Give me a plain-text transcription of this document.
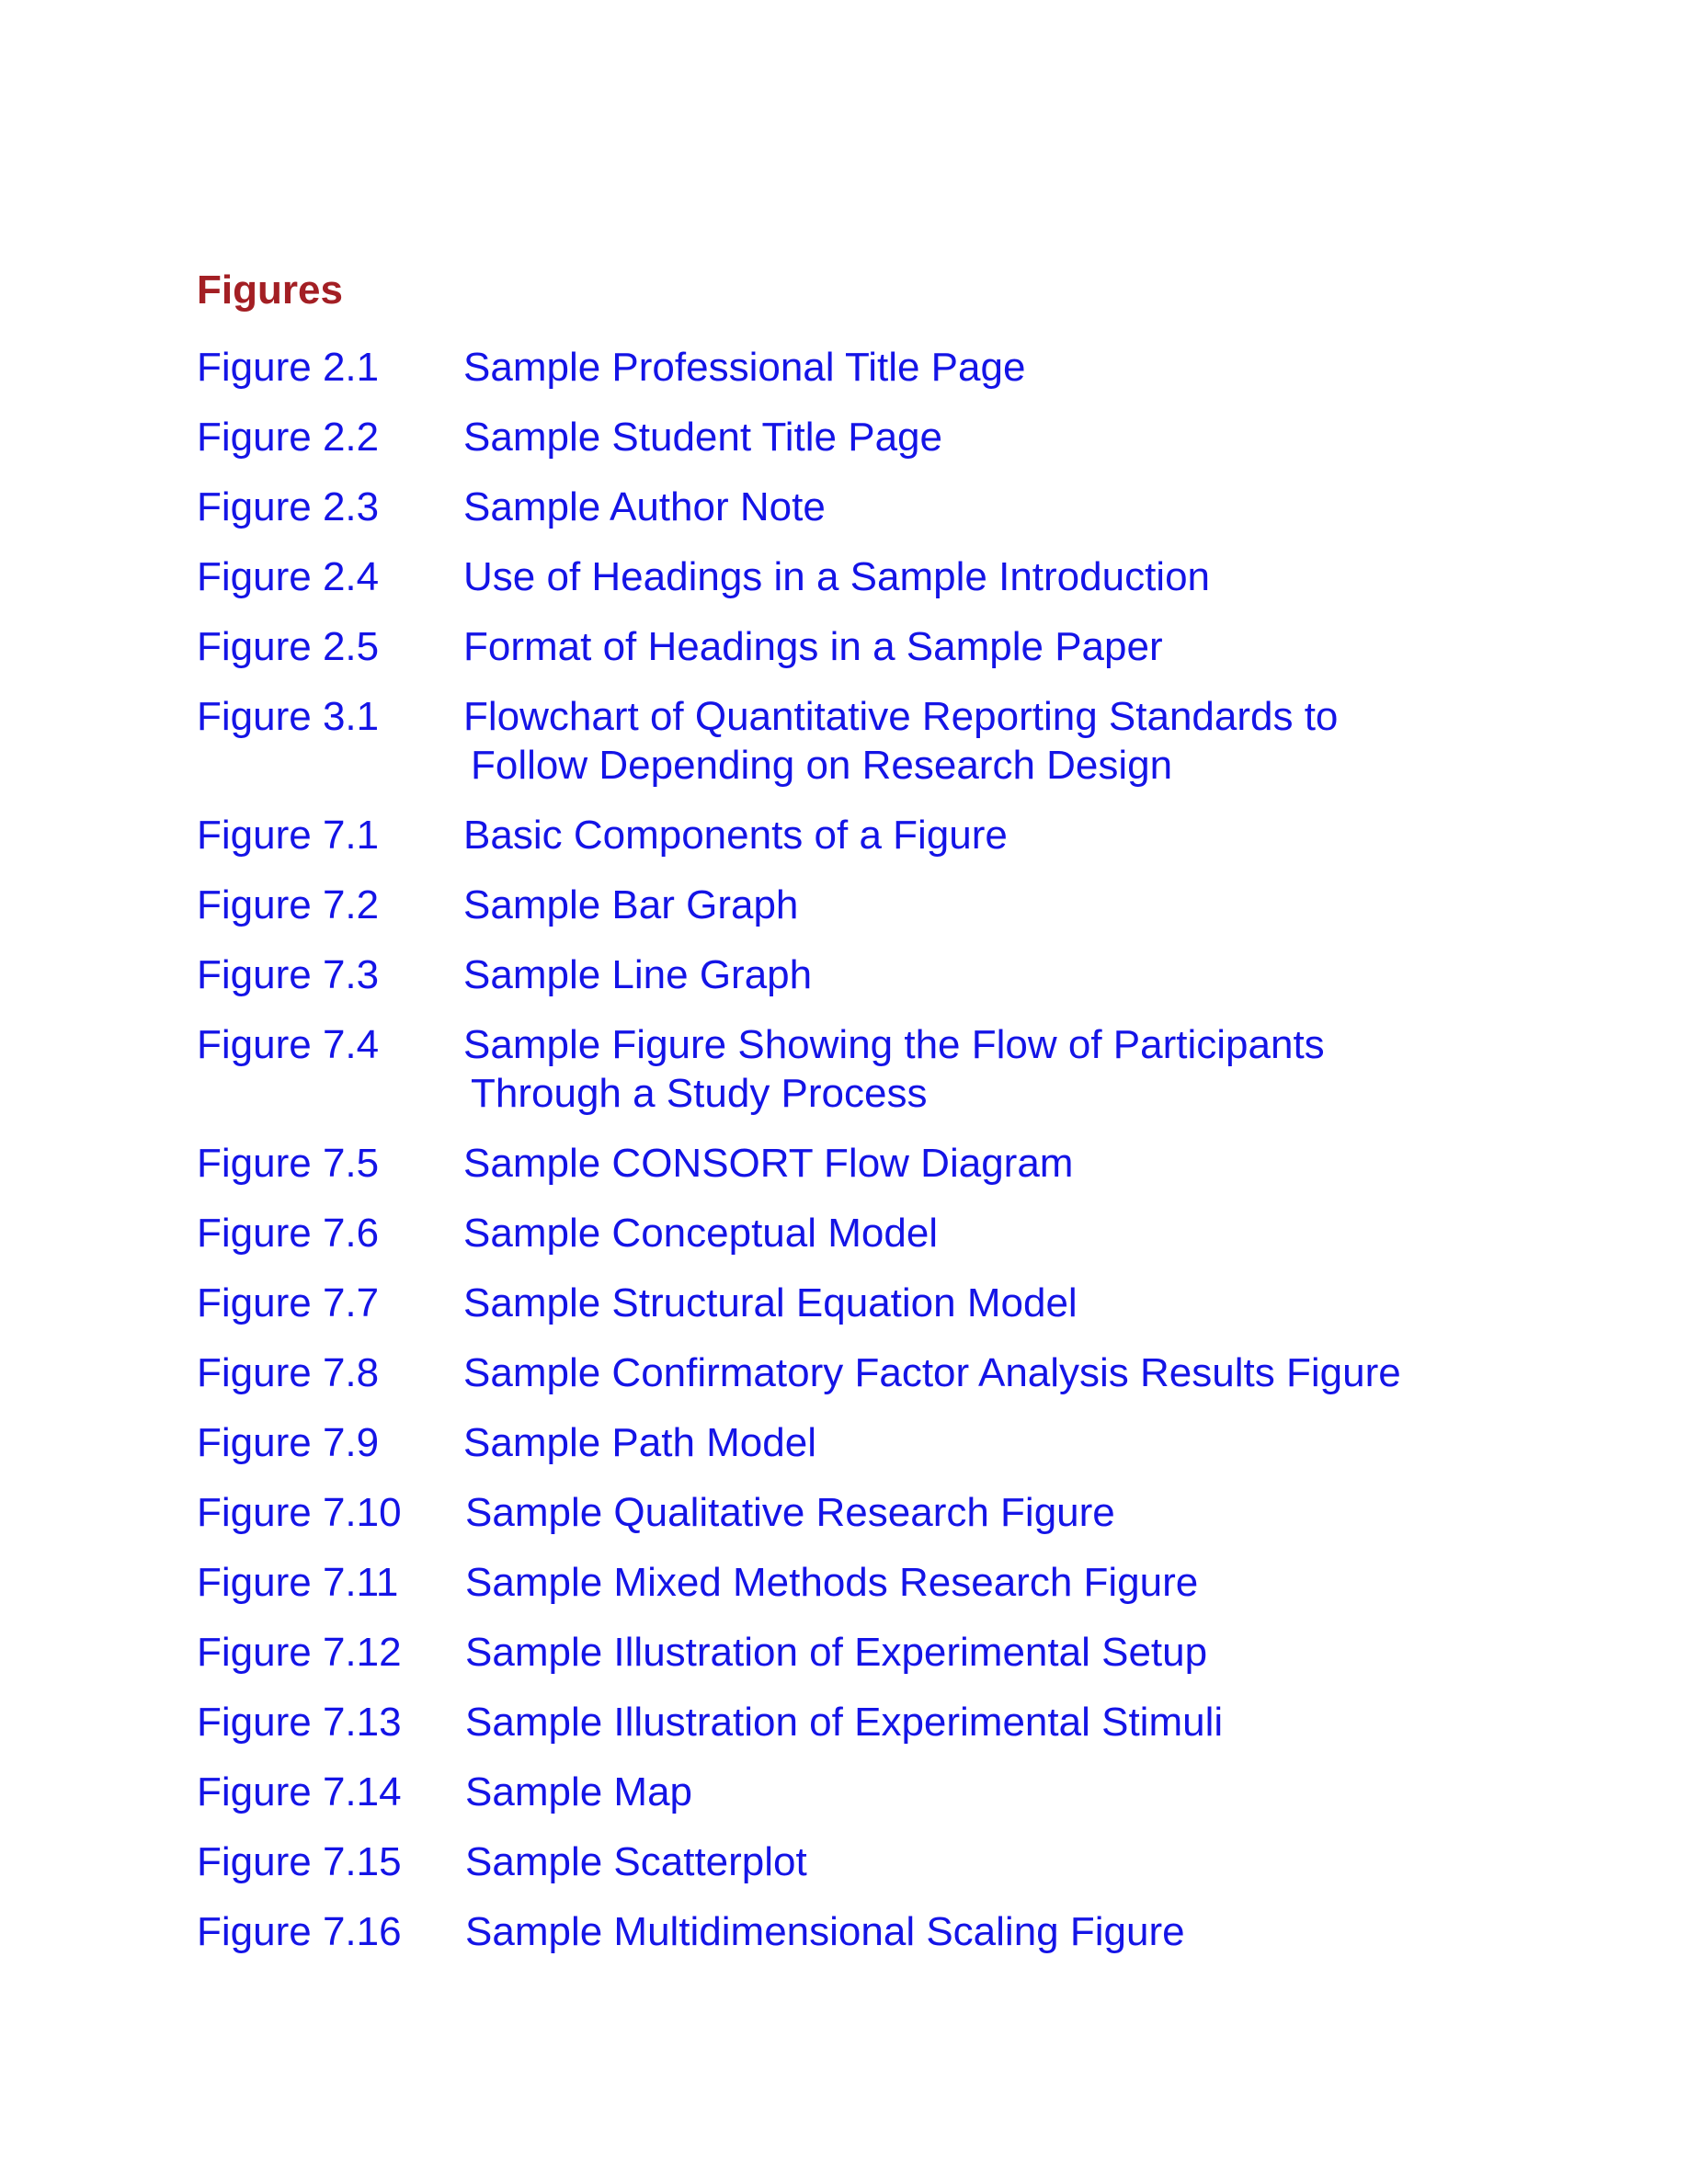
Figures
Figure 2.1 Sample Professional Title Page
Figure 2.2 Sample Student Title Page
Figure 2.3 Sample Author Note
Figure 2.4 Use of Headings in a Sample Introduction
Figure 2.5 Format of Headings in a Sample Paper
Figure 3.1 Flowchart of Quantitative Reporting Standards to
Follow Depending on Research Design
Figure 7.1 Basic Components of a Figure
Figure 7.2 Sample Bar Graph
Figure 7.3 Sample Line Graph
Figure 7.4 Sample Figure Showing the Flow of Participants
Through a Study Process
Figure 7.5 Sample CONSORT Flow Diagram
Figure 7.6 Sample Conceptual Model
Figure 7.7 Sample Structural Equation Model
Figure 7.8 Sample Confirmatory Factor Analysis Results Figure
Figure 7.9 Sample Path Model
Figure 7.10 Sample Qualitative Research Figure
Figure 7.11 Sample Mixed Methods Research Figure
Figure 7.12 Sample Illustration of Experimental Setup
Figure 7.13 Sample Illustration of Experimental Stimuli
Figure 7.14 Sample Map
Figure 7.15 Sample Scatterplot
Figure 7.16 Sample Multidimensional Scaling Figure
